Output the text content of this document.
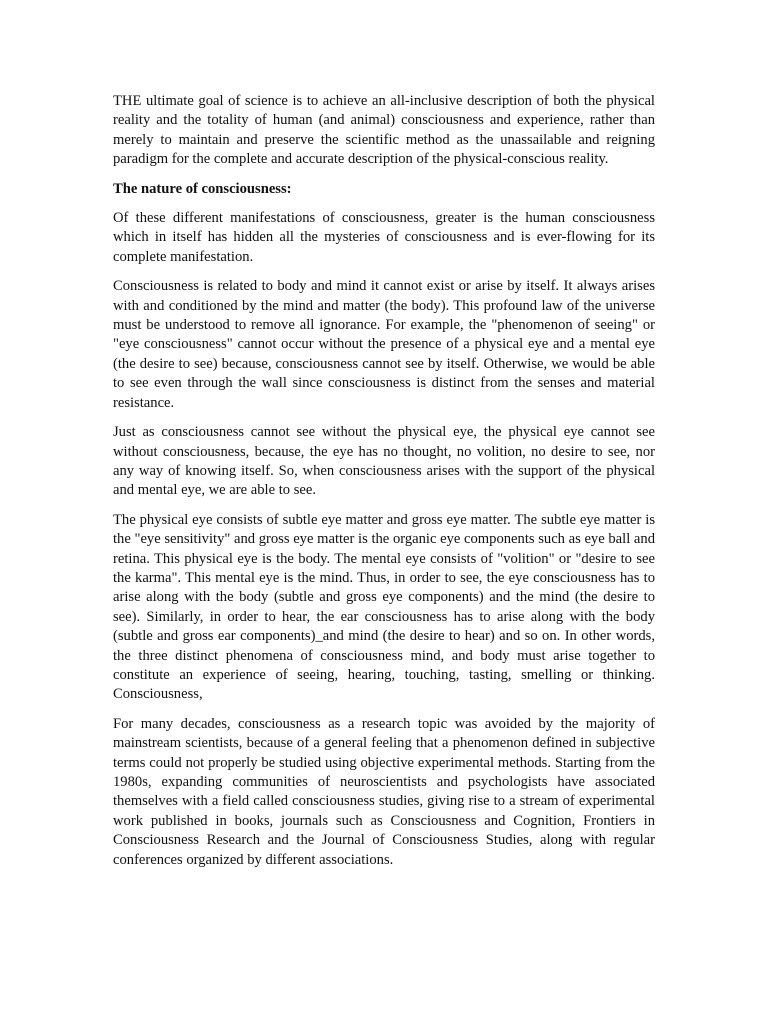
THE ultimate goal of science is to achieve an all-inclusive description of both the physical reality and the totality of human (and animal) consciousness and experience, rather than merely to maintain and preserve the scientific method as the unassailable and reigning paradigm for the complete and accurate description of the physical-conscious reality.

The nature of consciousness:

Of these different manifestations of consciousness, greater is the human consciousness which in itself has hidden all the mysteries of consciousness and is ever-flowing for its complete manifestation.

Consciousness is related to body and mind it cannot exist or arise by itself. It always arises with and conditioned by the mind and matter (the body). This profound law of the universe must be understood to remove all ignorance. For example, the "phenomenon of seeing" or "eye consciousness" cannot occur without the presence of a physical eye and a mental eye (the desire to see) because, consciousness cannot see by itself. Otherwise, we would be able to see even through the wall since consciousness is distinct from the senses and material resistance.

Just as consciousness cannot see without the physical eye, the physical eye cannot see without consciousness, because, the eye has no thought, no volition, no desire to see, nor any way of knowing itself. So, when consciousness arises with the support of the physical and mental eye, we are able to see.

The physical eye consists of subtle eye matter and gross eye matter. The subtle eye matter is the "eye sensitivity" and gross eye matter is the organic eye components such as eye ball and retina. This physical eye is the body. The mental eye consists of "volition" or "desire to see the karma". This mental eye is the mind. Thus, in order to see, the eye consciousness has to arise along with the body (subtle and gross eye components) and the mind (the desire to see). Similarly, in order to hear, the ear consciousness has to arise along with the body (subtle and gross ear components)_and mind (the desire to hear) and so on. In other words, the three distinct phenomena of consciousness mind, and body must arise together to constitute an experience of seeing, hearing, touching, tasting, smelling or thinking. Consciousness,

For many decades, consciousness as a research topic was avoided by the majority of mainstream scientists, because of a general feeling that a phenomenon defined in subjective terms could not properly be studied using objective experimental methods. Starting from the 1980s, expanding communities of neuroscientists and psychologists have associated themselves with a field called consciousness studies, giving rise to a stream of experimental work published in books, journals such as Consciousness and Cognition, Frontiers in Consciousness Research and the Journal of Consciousness Studies, along with regular conferences organized by different associations.
